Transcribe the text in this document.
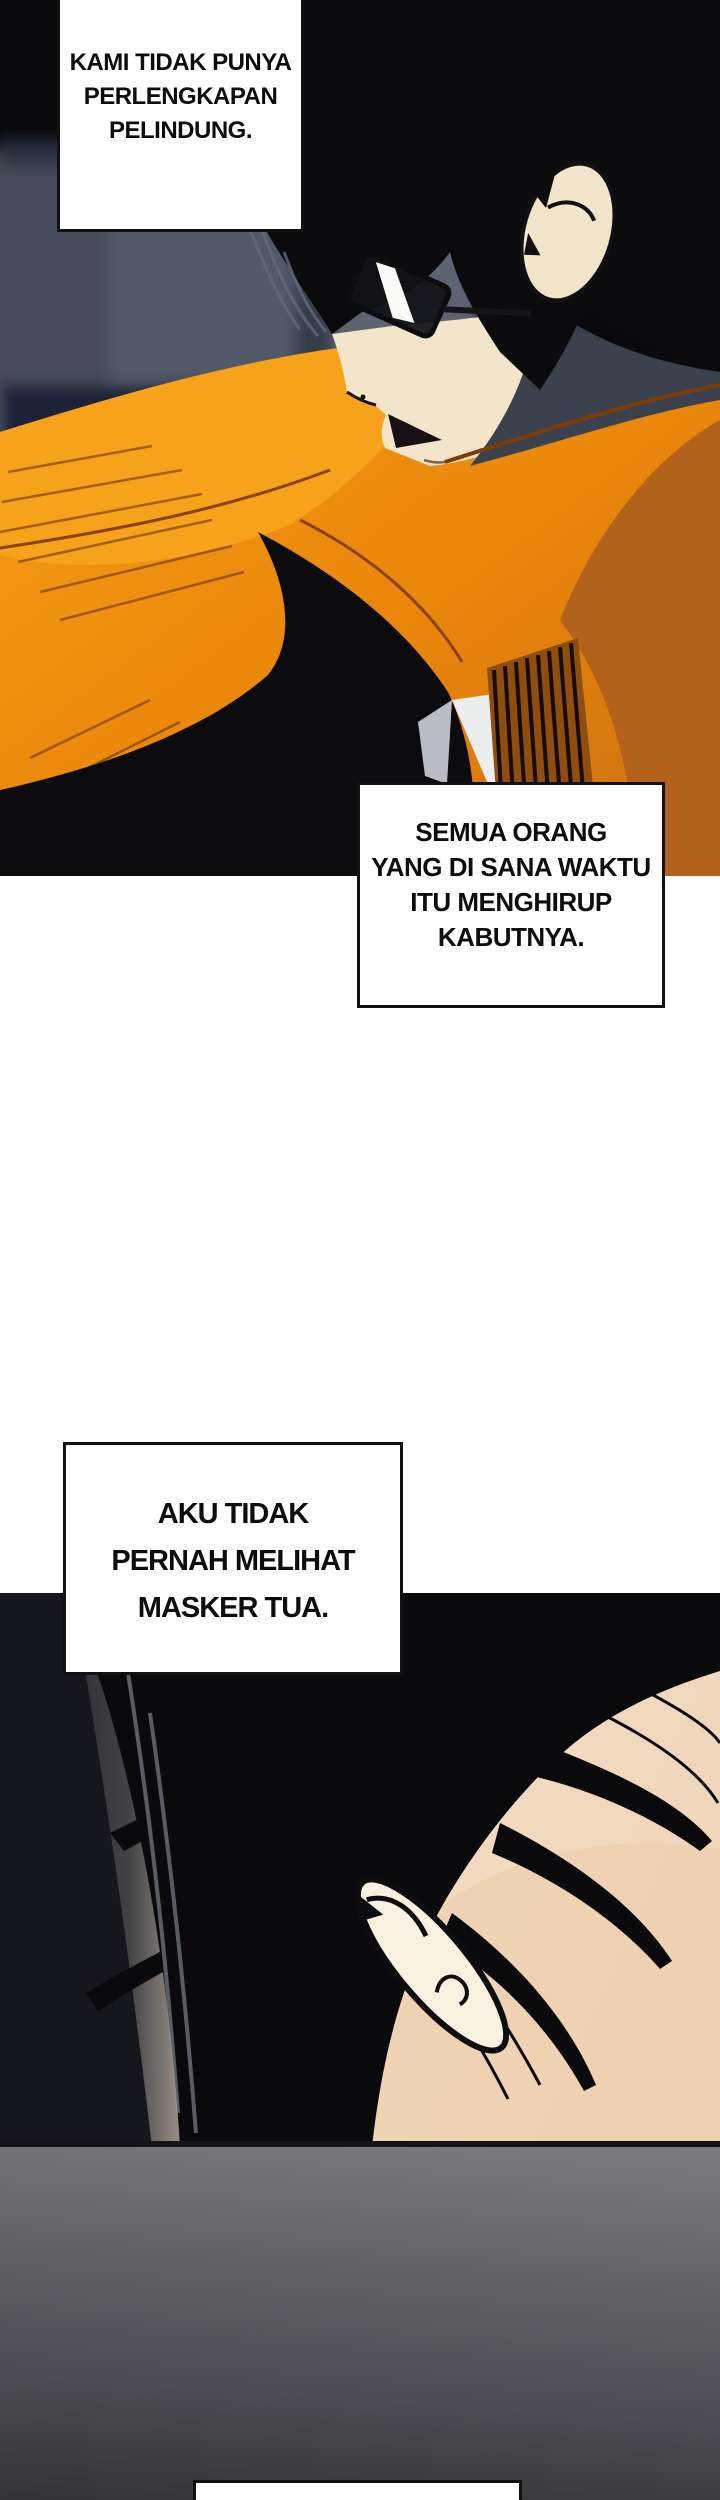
KAMI TIDAK PUNYA
PERLENGKAPAN
PELINDUNG.
SEMUA ORANG
YANG DI SANA WAKTU
ITU MENGHIRUP
KABUTNYA.
AKU TIDAK
PERNAH MELIHAT
MASKER TUA.
